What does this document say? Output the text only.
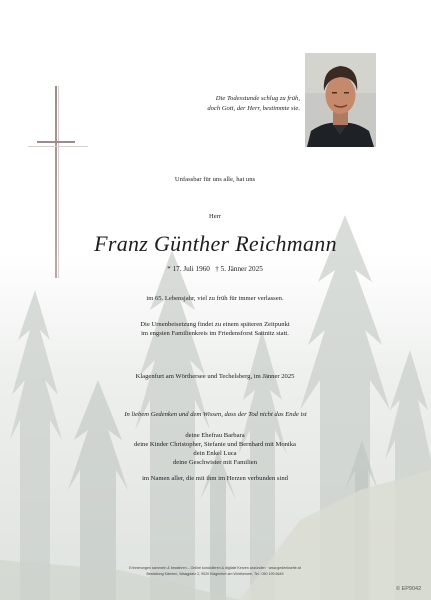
Die Todesstunde schlug zu früh,
doch Gott, der Herr, bestimmte sie.
Unfassbar für uns alle, hat uns
Herr
Franz Günther Reichmann
* 17. Juli 1960   † 5. Jänner 2025
im 65. Lebensjahr, viel zu früh für immer verlassen.
Die Urnenbeisetzung findet zu einem späteren Zeitpunkt
im engsten Familienkreis im Friedensforst Sattnitz statt.
Klagenfurt am Wörthersee und Techelsberg, im Jänner 2025
In liebem Gedenken und dem Wissen, dass der Tod nicht das Ende ist
deine Ehefrau Barbara
deine Kinder Christopher, Stefanie und Bernhard mit Monika
dein Enkel Luca
deine Geschwister mit Familien
im Namen aller, die mit ihm im Herzen verbunden sind
Erinnerungen sammeln & bewahren – Online kondolieren & digitale Kerzen anzünden · www.gedenkseite.at
Bestattung Kärnten, Waagplatz 2, 9020 Klagenfurt am Wörthersee, Tel.: 050 199 6649
© EP9042
